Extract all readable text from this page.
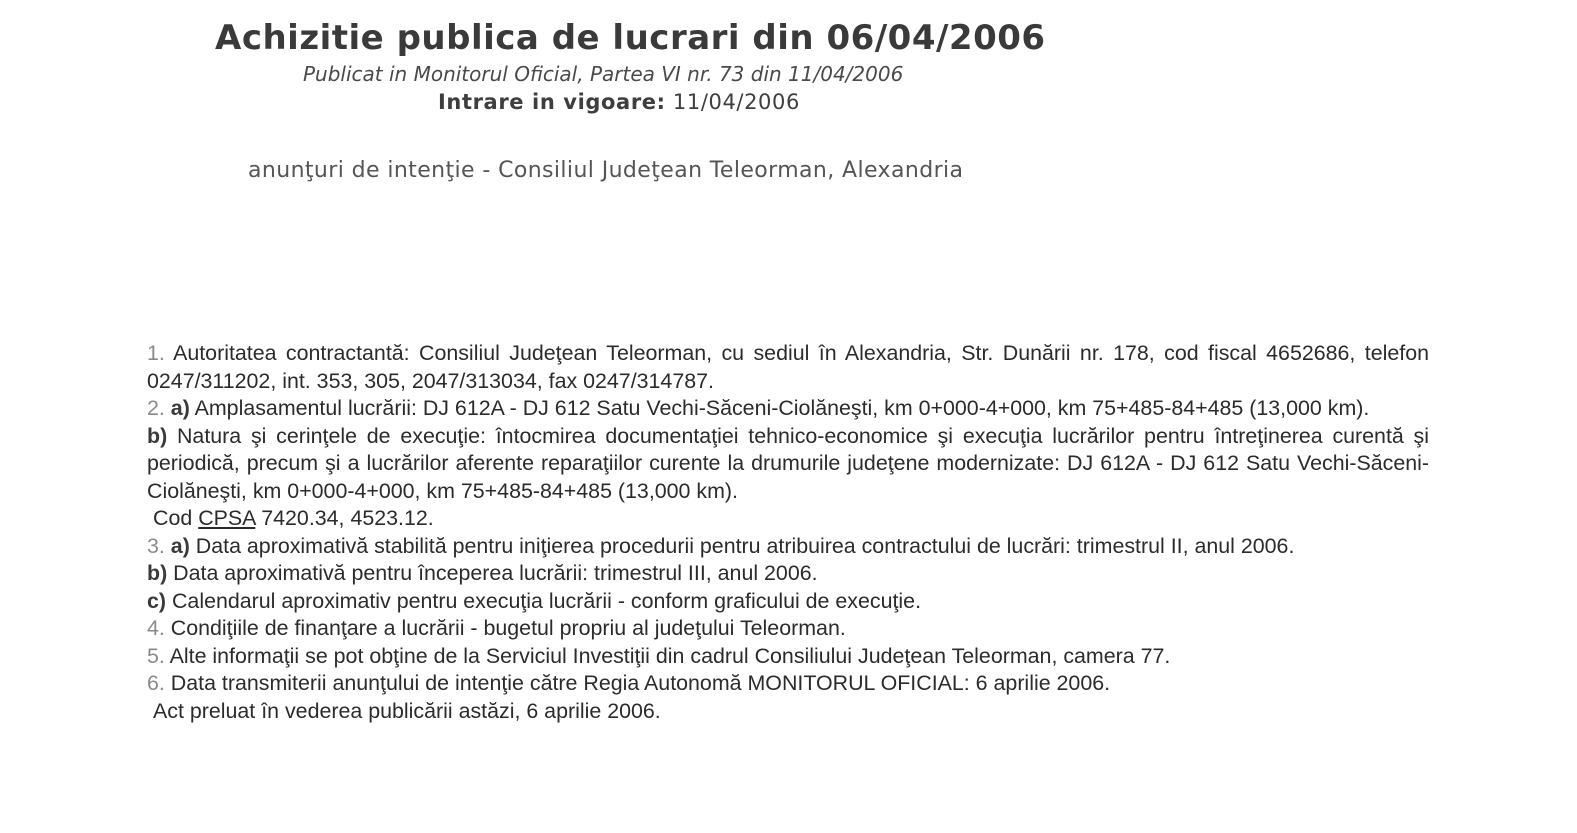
Achizitie publica de lucrari din 06/04/2006
Publicat in Monitorul Oficial, Partea VI nr. 73 din 11/04/2006
Intrare in vigoare: 11/04/2006
anunţuri de intenţie - Consiliul Judeţean Teleorman, Alexandria

1. Autoritatea contractantă: Consiliul Judeţean Teleorman, cu sediul în Alexandria, Str. Dunării nr. 178, cod fiscal 4652686, telefon 0247/311202, int. 353, 305, 2047/313034, fax 0247/314787.

2. a) Amplasamentul lucrării: DJ 612A - DJ 612 Satu Vechi-Săceni-Ciolăneşti, km 0+000-4+000, km 75+485-84+485 (13,000 km).

b) Natura şi cerinţele de execuţie: întocmirea documentaţiei tehnico-economice şi execuţia lucrărilor pentru întreţinerea curentă şi periodică, precum şi a lucrărilor aferente reparaţiilor curente la drumurile judeţene modernizate: DJ 612A - DJ 612 Satu Vechi-Săceni-Ciolăneşti, km 0+000-4+000, km 75+485-84+485 (13,000 km).

Cod CPSA 7420.34, 4523.12.

3. a) Data aproximativă stabilită pentru iniţierea procedurii pentru atribuirea contractului de lucrări: trimestrul II, anul 2006.

b) Data aproximativă pentru începerea lucrării: trimestrul III, anul 2006.

c) Calendarul aproximativ pentru execuţia lucrării - conform graficului de execuţie.

4. Condiţiile de finanţare a lucrării - bugetul propriu al judeţului Teleorman.

5. Alte informaţii se pot obţine de la Serviciul Investiţii din cadrul Consiliului Judeţean Teleorman, camera 77.

6. Data transmiterii anunţului de intenţie către Regia Autonomă MONITORUL OFICIAL: 6 aprilie 2006.

Act preluat în vederea publicării astăzi, 6 aprilie 2006.
